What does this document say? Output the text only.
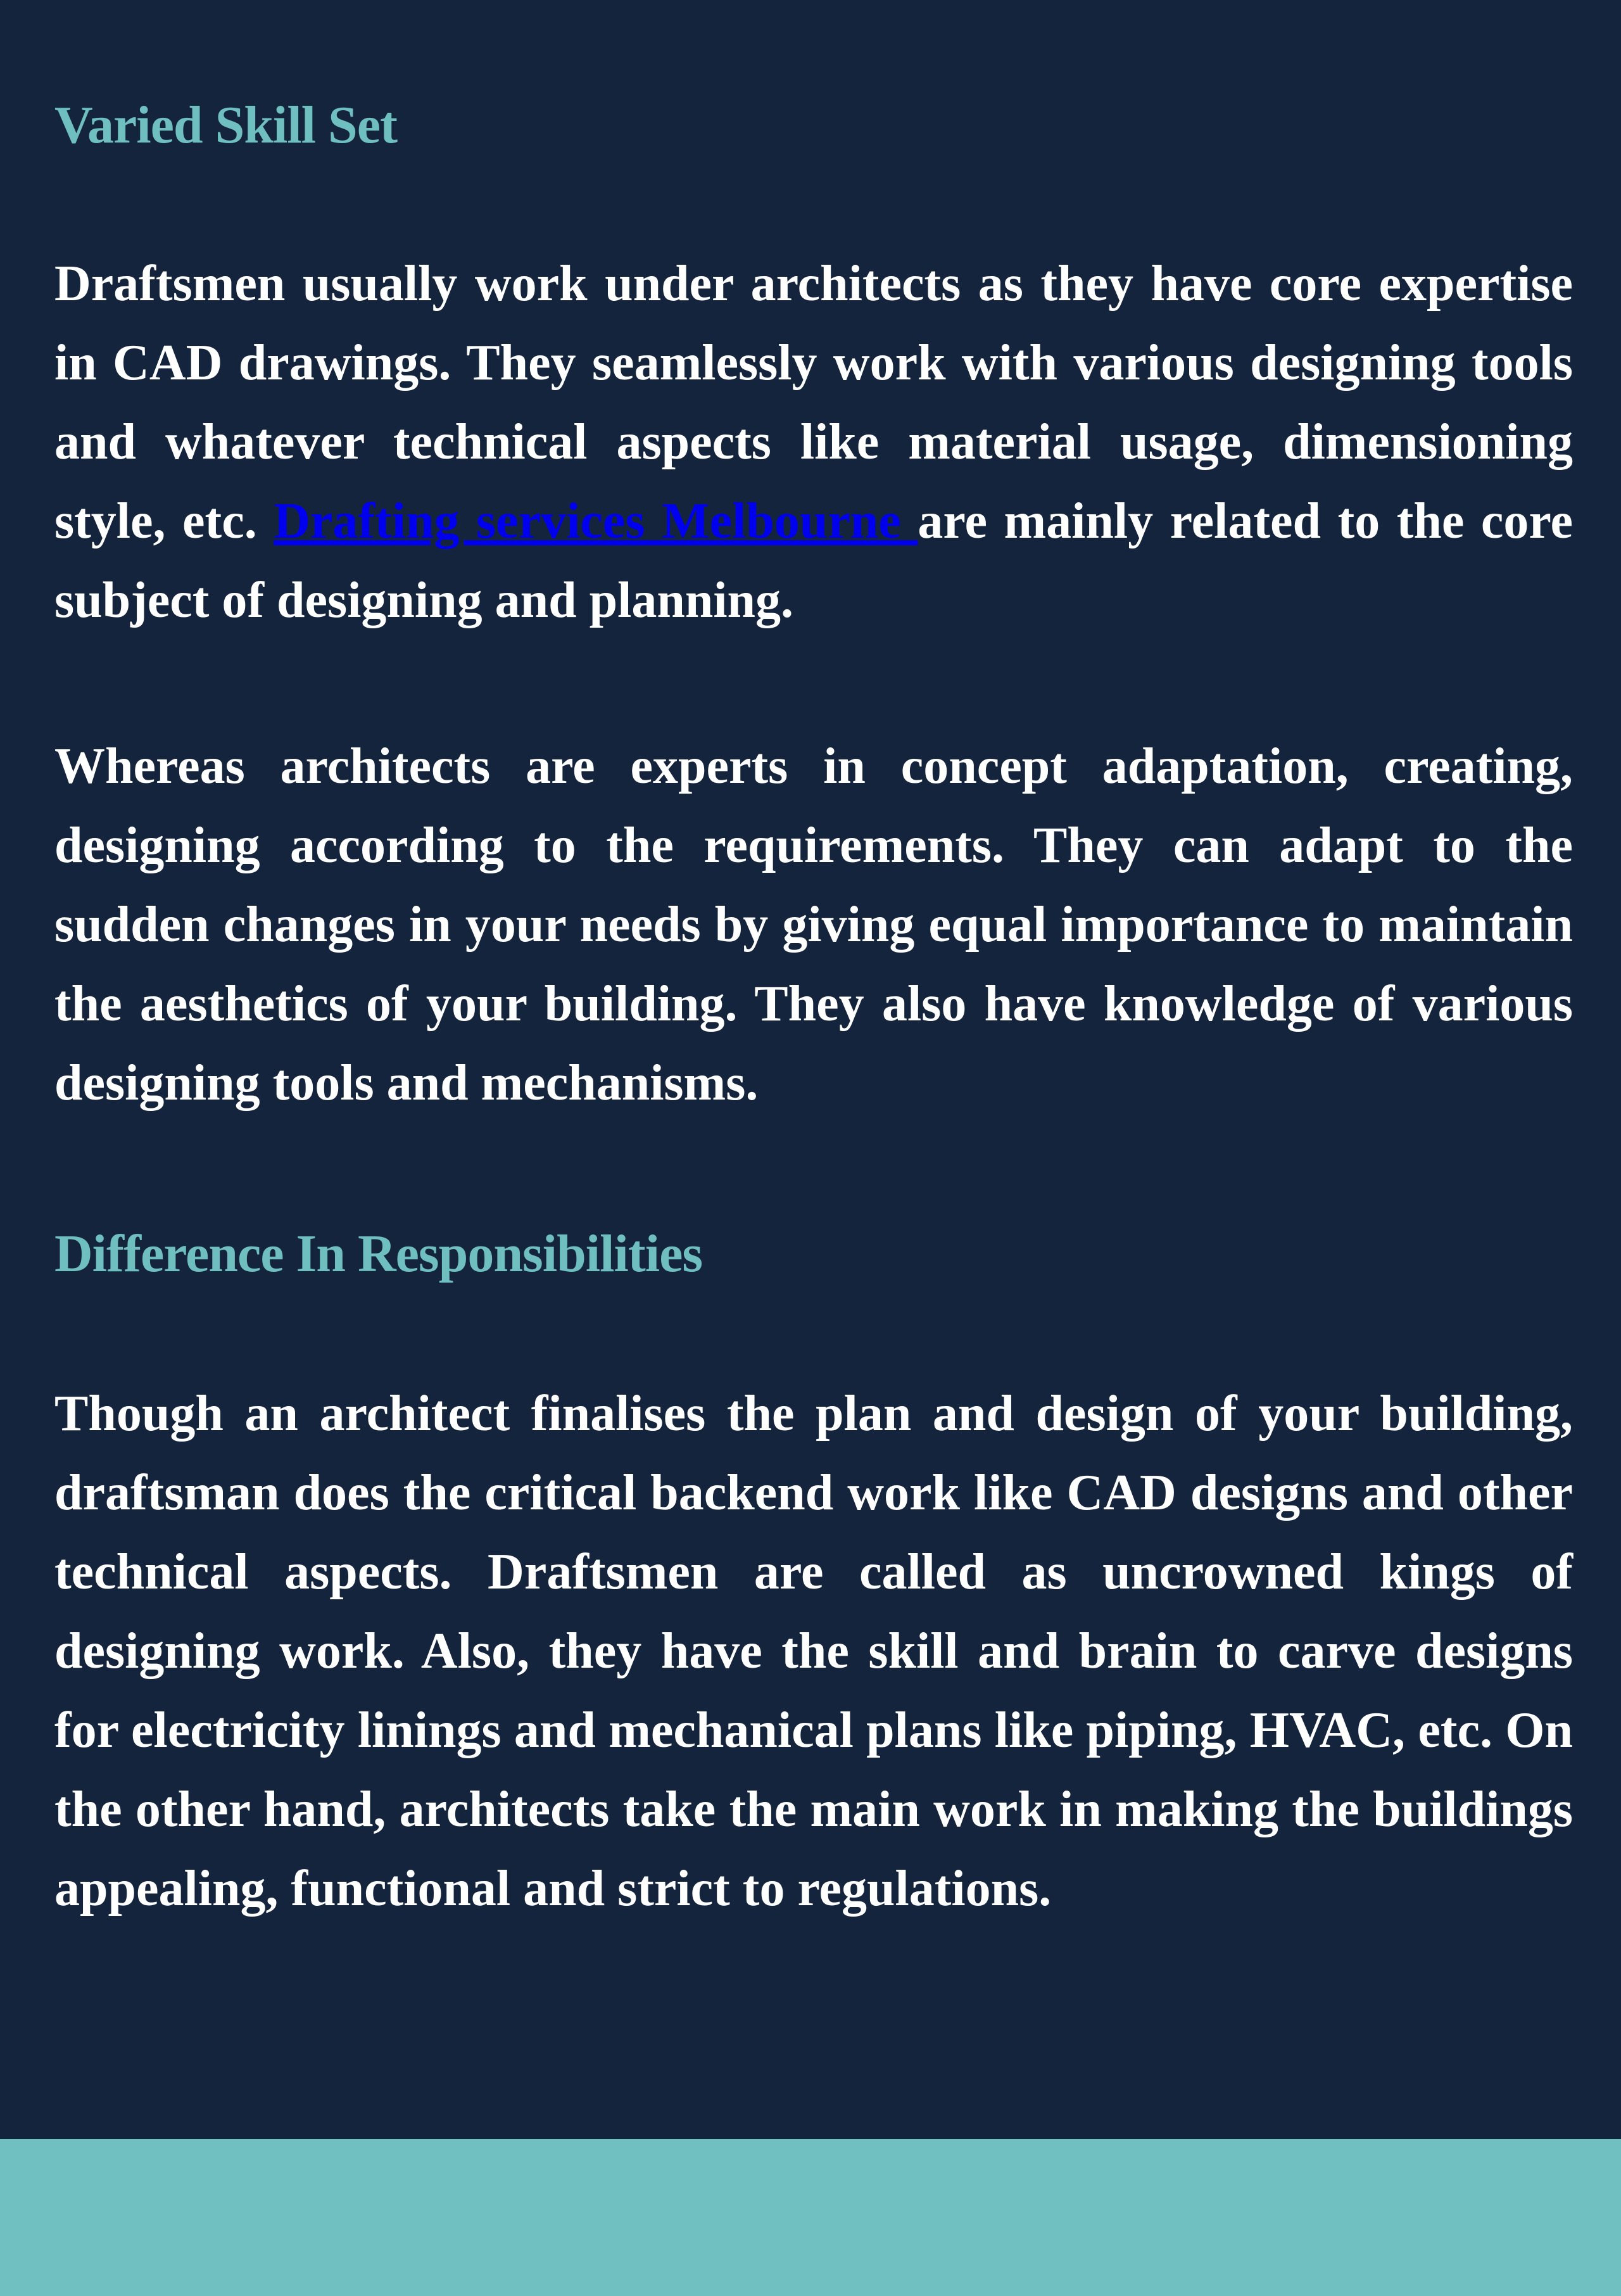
Varied Skill Set

Draftsmen usually work under architects as they have core expertise in CAD drawings. They seamlessly work with various designing tools and whatever technical aspects like material usage, dimensioning style, etc. Drafting services Melbourne are mainly related to the core subject of designing and planning.

Whereas architects are experts in concept adaptation, creating, designing according to the requirements. They can adapt to the sudden changes in your needs by giving equal importance to maintain the aesthetics of your building. They also have knowledge of various designing tools and mechanisms.

Difference In Responsibilities

Though an architect finalises the plan and design of your building, draftsman does the critical backend work like CAD designs and other technical aspects. Draftsmen are called as uncrowned kings of designing work. Also, they have the skill and brain to carve designs for electricity linings and mechanical plans like piping, HVAC, etc. On the other hand, architects take the main work in making the buildings appealing, functional and strict to regulations.
